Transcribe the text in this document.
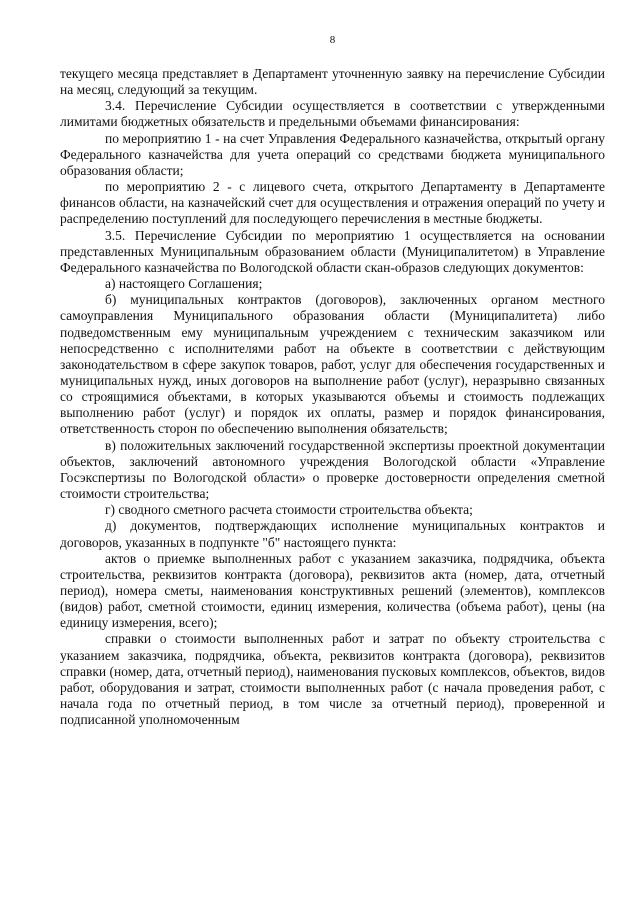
8

текущего месяца представляет в Департамент уточненную заявку на перечисление Субсидии на месяц, следующий за текущим.

3.4. Перечисление Субсидии осуществляется в соответствии с утвержденными лимитами бюджетных обязательств и предельными объемами финансирования:

по мероприятию 1 - на счет Управления Федерального казначейства, открытый органу Федерального казначейства для учета операций со средствами бюджета муниципального образования области;

по мероприятию 2 - с лицевого счета, открытого Департаменту в Департаменте финансов области, на казначейский счет для осуществления и отражения операций по учету и распределению поступлений для последующего перечисления в местные бюджеты.

3.5. Перечисление Субсидии по мероприятию 1 осуществляется на основании представленных Муниципальным образованием области (Муниципалитетом) в Управление Федерального казначейства по Вологодской области скан-образов следующих документов:

а) настоящего Соглашения;

б) муниципальных контрактов (договоров), заключенных органом местного самоуправления Муниципального образования области (Муниципалитета) либо подведомственным ему муниципальным учреждением с техническим заказчиком или непосредственно с исполнителями работ на объекте в соответствии с действующим законодательством в сфере закупок товаров, работ, услуг для обеспечения государственных и муниципальных нужд, иных договоров на выполнение работ (услуг), неразрывно связанных со строящимися объектами, в которых указываются объемы и стоимость подлежащих выполнению работ (услуг) и порядок их оплаты, размер и порядок финансирования, ответственность сторон по обеспечению выполнения обязательств;

в) положительных заключений государственной экспертизы проектной документации объектов, заключений автономного учреждения Вологодской области «Управление Госэкспертизы по Вологодской области» о проверке достоверности определения сметной стоимости строительства;

г) сводного сметного расчета стоимости строительства объекта;

д) документов, подтверждающих исполнение муниципальных контрактов и договоров, указанных в подпункте "б" настоящего пункта:

актов о приемке выполненных работ с указанием заказчика, подрядчика, объекта строительства, реквизитов контракта (договора), реквизитов акта (номер, дата, отчетный период), номера сметы, наименования конструктивных решений (элементов), комплексов (видов) работ, сметной стоимости, единиц измерения, количества (объема работ), цены (на единицу измерения, всего);

справки о стоимости выполненных работ и затрат по объекту строительства с указанием заказчика, подрядчика, объекта, реквизитов контракта (договора), реквизитов справки (номер, дата, отчетный период), наименования пусковых комплексов, объектов, видов работ, оборудования и затрат, стоимости выполненных работ (с начала проведения работ, с начала года по отчетный период, в том числе за отчетный период), проверенной и подписанной уполномоченным
